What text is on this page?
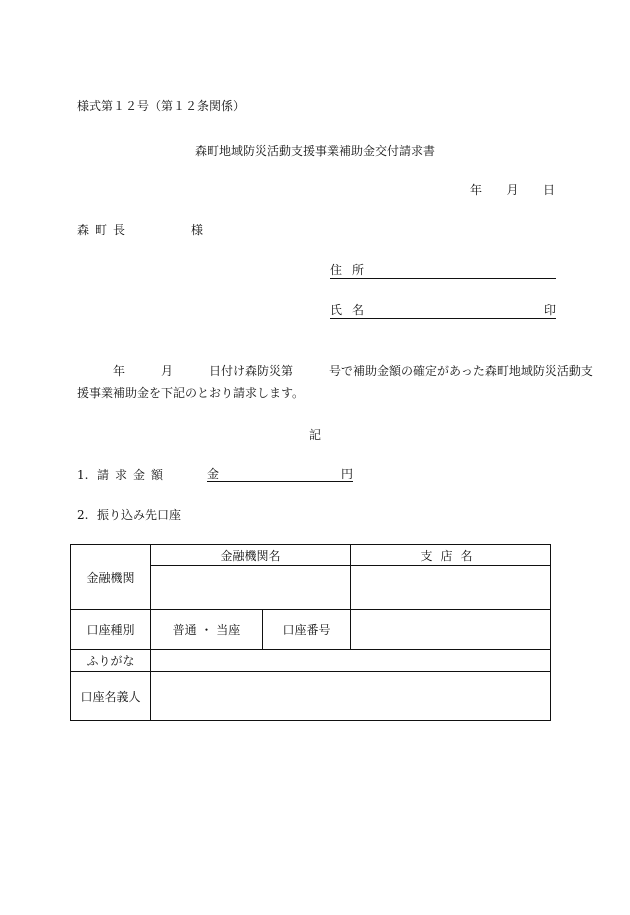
様式第１２号（第１２条関係）
森町地域防災活動支援事業補助金交付請求書
年 月 日
森町長	様
住所
氏名	印
年	月	日付け森防災第	号で補助金額の確定があった森町地域防災活動支
援事業補助金を下記のとおり請求します。
記
1. 請求金額	金	円
2. 振り込み先口座
金融機関	金融機関名		支店名

口座種別	普通 ・ 当座	口座番号	
ふりがな			
口座名義人			
